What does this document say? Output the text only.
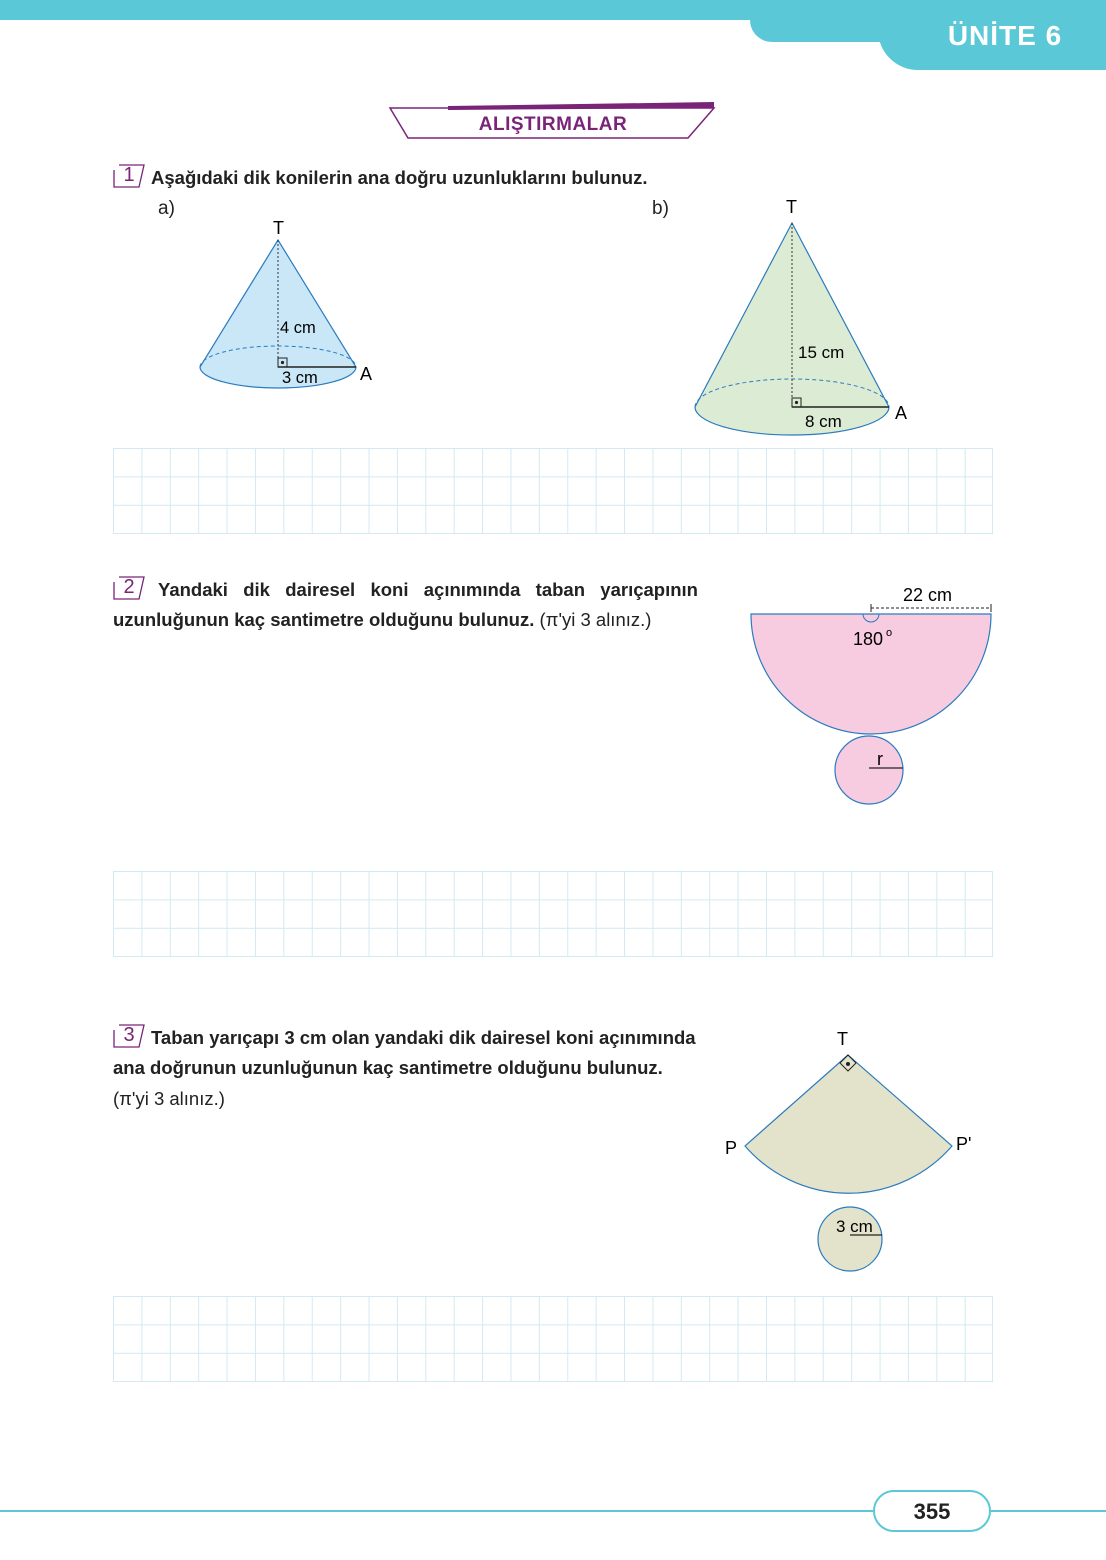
ÜNİTE 6
ALIŞTIRMALAR
1 Aşağıdaki dik konilerin ana doğru uzunluklarını bulunuz.
a)	b)
T
4 cm
3 cm A
T
15 cm
8 cm	A
2 Yandaki dik dairesel koni açınımında taban yarıçapının
uzunluğunun kaç santimetre olduğunu bulunuz. (π'yi 3 alınız.)
22 cm
180 o
r
3 Taban yarıçapı 3 cm olan yandaki dik dairesel koni açınımında
ana doğrunun uzunluğunun kaç santimetre olduğunu bulunuz.
(π'yi 3 alınız.)
T
P	P'
3 cm
355
